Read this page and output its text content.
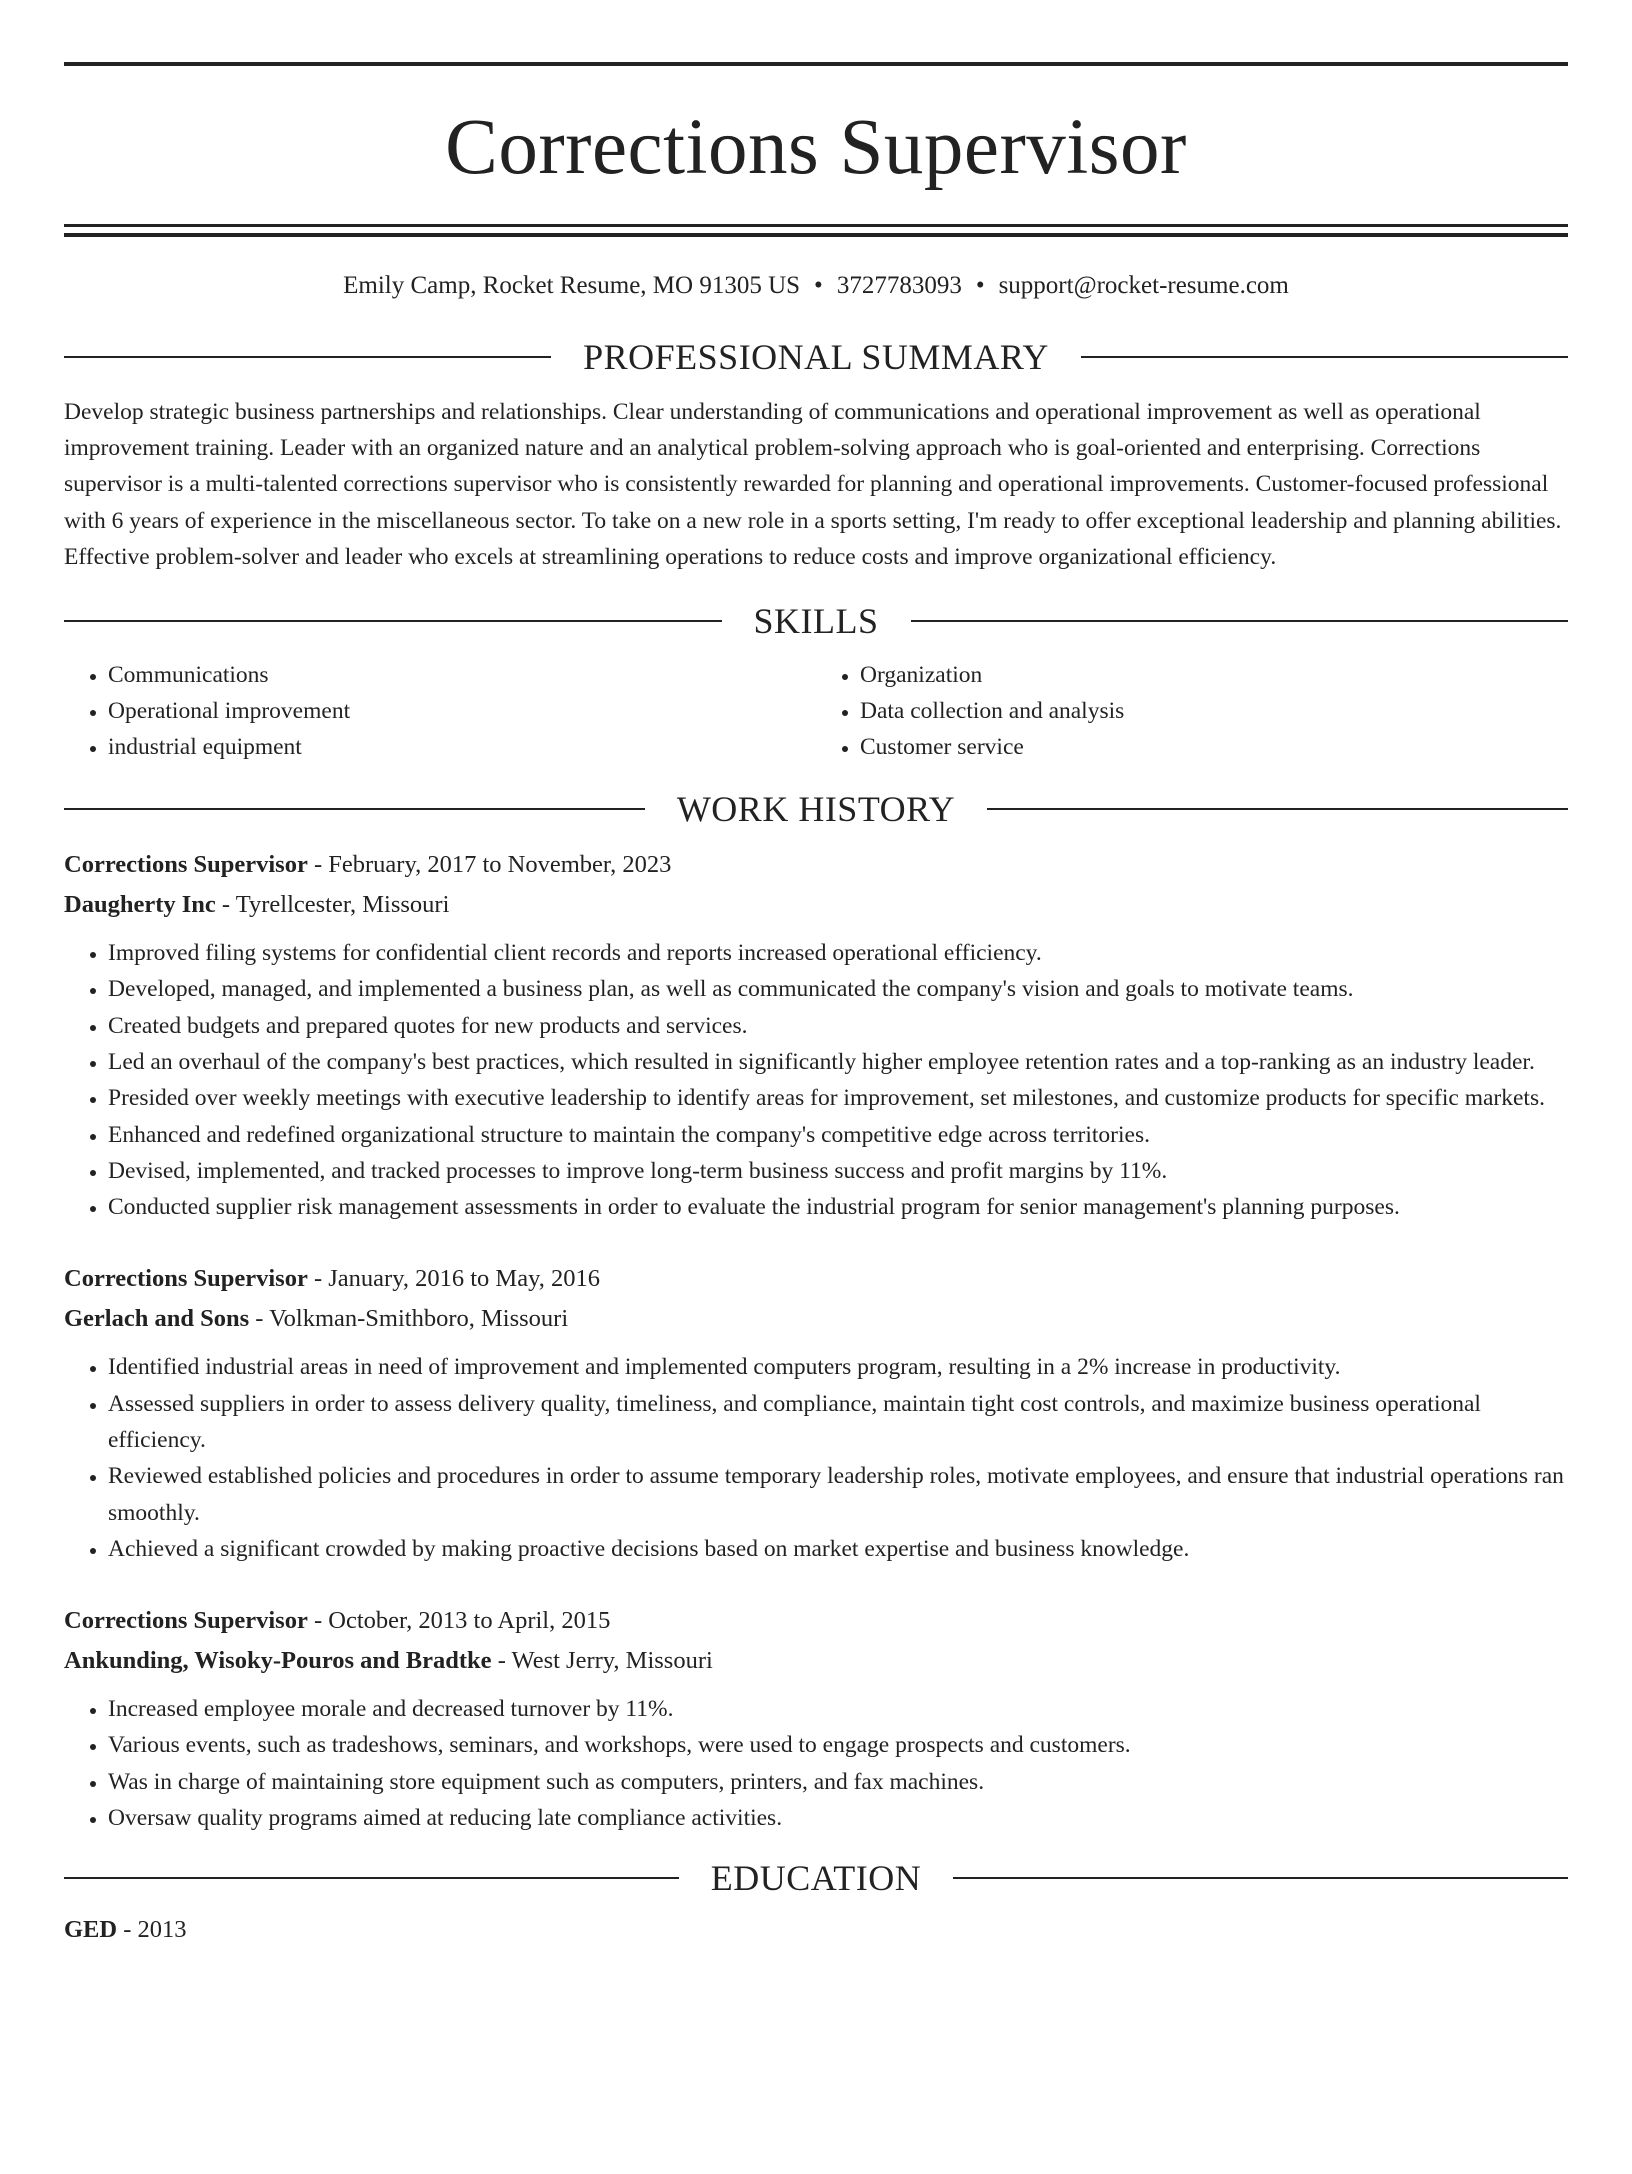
Corrections Supervisor
Emily Camp, Rocket Resume, MO 91305 US • 3727783093 • support@rocket-resume.com
PROFESSIONAL SUMMARY
Develop strategic business partnerships and relationships. Clear understanding of communications and operational improvement as well as operational improvement training. Leader with an organized nature and an analytical problem-solving approach who is goal-oriented and enterprising. Corrections supervisor is a multi-talented corrections supervisor who is consistently rewarded for planning and operational improvements. Customer-focused professional with 6 years of experience in the miscellaneous sector. To take on a new role in a sports setting, I'm ready to offer exceptional leadership and planning abilities. Effective problem-solver and leader who excels at streamlining operations to reduce costs and improve organizational efficiency.
SKILLS
• Communications
• Operational improvement
• industrial equipment
• Organization
• Data collection and analysis
• Customer service
WORK HISTORY
Corrections Supervisor - February, 2017 to November, 2023
Daugherty Inc - Tyrellcester, Missouri
• Improved filing systems for confidential client records and reports increased operational efficiency.
• Developed, managed, and implemented a business plan, as well as communicated the company's vision and goals to motivate teams.
• Created budgets and prepared quotes for new products and services.
• Led an overhaul of the company's best practices, which resulted in significantly higher employee retention rates and a top-ranking as an industry leader.
• Presided over weekly meetings with executive leadership to identify areas for improvement, set milestones, and customize products for specific markets.
• Enhanced and redefined organizational structure to maintain the company's competitive edge across territories.
• Devised, implemented, and tracked processes to improve long-term business success and profit margins by 11%.
• Conducted supplier risk management assessments in order to evaluate the industrial program for senior management's planning purposes.
Corrections Supervisor - January, 2016 to May, 2016
Gerlach and Sons - Volkman-Smithboro, Missouri
• Identified industrial areas in need of improvement and implemented computers program, resulting in a 2% increase in productivity.
• Assessed suppliers in order to assess delivery quality, timeliness, and compliance, maintain tight cost controls, and maximize business operational efficiency.
• Reviewed established policies and procedures in order to assume temporary leadership roles, motivate employees, and ensure that industrial operations ran smoothly.
• Achieved a significant crowded by making proactive decisions based on market expertise and business knowledge.
Corrections Supervisor - October, 2013 to April, 2015
Ankunding, Wisoky-Pouros and Bradtke - West Jerry, Missouri
• Increased employee morale and decreased turnover by 11%.
• Various events, such as tradeshows, seminars, and workshops, were used to engage prospects and customers.
• Was in charge of maintaining store equipment such as computers, printers, and fax machines.
• Oversaw quality programs aimed at reducing late compliance activities.
EDUCATION
GED - 2013
